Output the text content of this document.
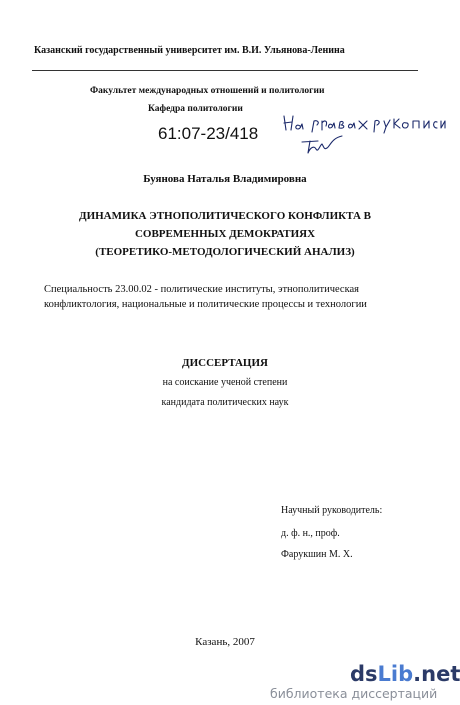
Казанский государственный университет им. В.И. Ульянова-Ленина
Факультет международных отношений и политологии
Кафедра политологии
61:07-23/418
Буянова Наталья Владимировна
ДИНАМИКА ЭТНОПОЛИТИЧЕСКОГО КОНФЛИКТА В
СОВРЕМЕННЫХ ДЕМОКРАТИЯХ
(ТЕОРЕТИКО-МЕТОДОЛОГИЧЕСКИЙ АНАЛИЗ)
Специальность 23.00.02 - политические институты, этнополитическая
конфликтология, национальные и политические процессы и технологии
ДИССЕРТАЦИЯ
на соискание ученой степени
кандидата политических наук
Научный руководитель:
д. ф. н., проф.
Фарукшин М. Х.
Казань, 2007
dsLib.net
библиотека диссертаций
